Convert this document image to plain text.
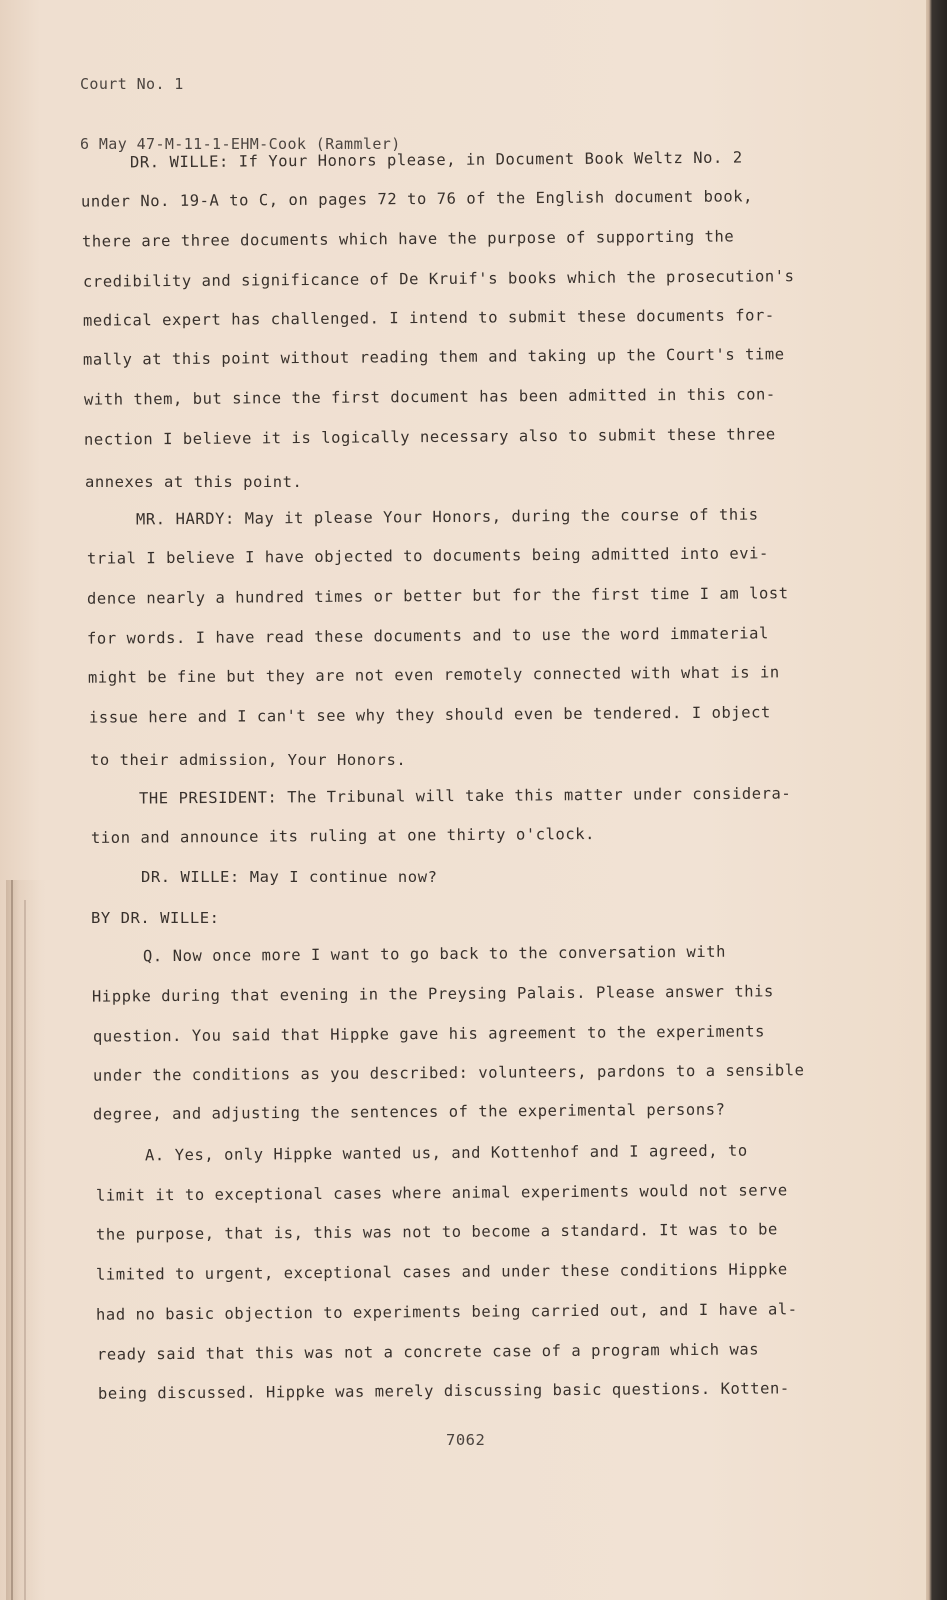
Court No. 1

6 May 47-M-11-1-EHM-Cook (Rammler)

DR. WILLE: If Your Honors please, in Document Book Weltz No. 2
under No. 19-A to C, on pages 72 to 76 of the English document book,
there are three documents which have the purpose of supporting the
credibility and significance of De Kruif's books which the prosecution's
medical expert has challenged. I intend to submit these documents for-
mally at this point without reading them and taking up the Court's time
with them, but since the first document has been admitted in this con-
nection I believe it is logically necessary also to submit these three
annexes at this point.
MR. HARDY: May it please Your Honors, during the course of this
trial I believe I have objected to documents being admitted into evi-
dence nearly a hundred times or better but for the first time I am lost
for words. I have read these documents and to use the word immaterial
might be fine but they are not even remotely connected with what is in
issue here and I can't see why they should even be tendered. I object
to their admission, Your Honors.
THE PRESIDENT: The Tribunal will take this matter under considera-
tion and announce its ruling at one thirty o'clock.
DR. WILLE: May I continue now?
BY DR. WILLE:
Q. Now once more I want to go back to the conversation with
Hippke during that evening in the Preysing Palais. Please answer this
question. You said that Hippke gave his agreement to the experiments
under the conditions as you described: volunteers, pardons to a sensible
degree, and adjusting the sentences of the experimental persons?
A. Yes, only Hippke wanted us, and Kottenhof and I agreed, to
limit it to exceptional cases where animal experiments would not serve
the purpose, that is, this was not to become a standard. It was to be
limited to urgent, exceptional cases and under these conditions Hippke
had no basic objection to experiments being carried out, and I have al-
ready said that this was not a concrete case of a program which was
being discussed. Hippke was merely discussing basic questions. Kotten-
7062
